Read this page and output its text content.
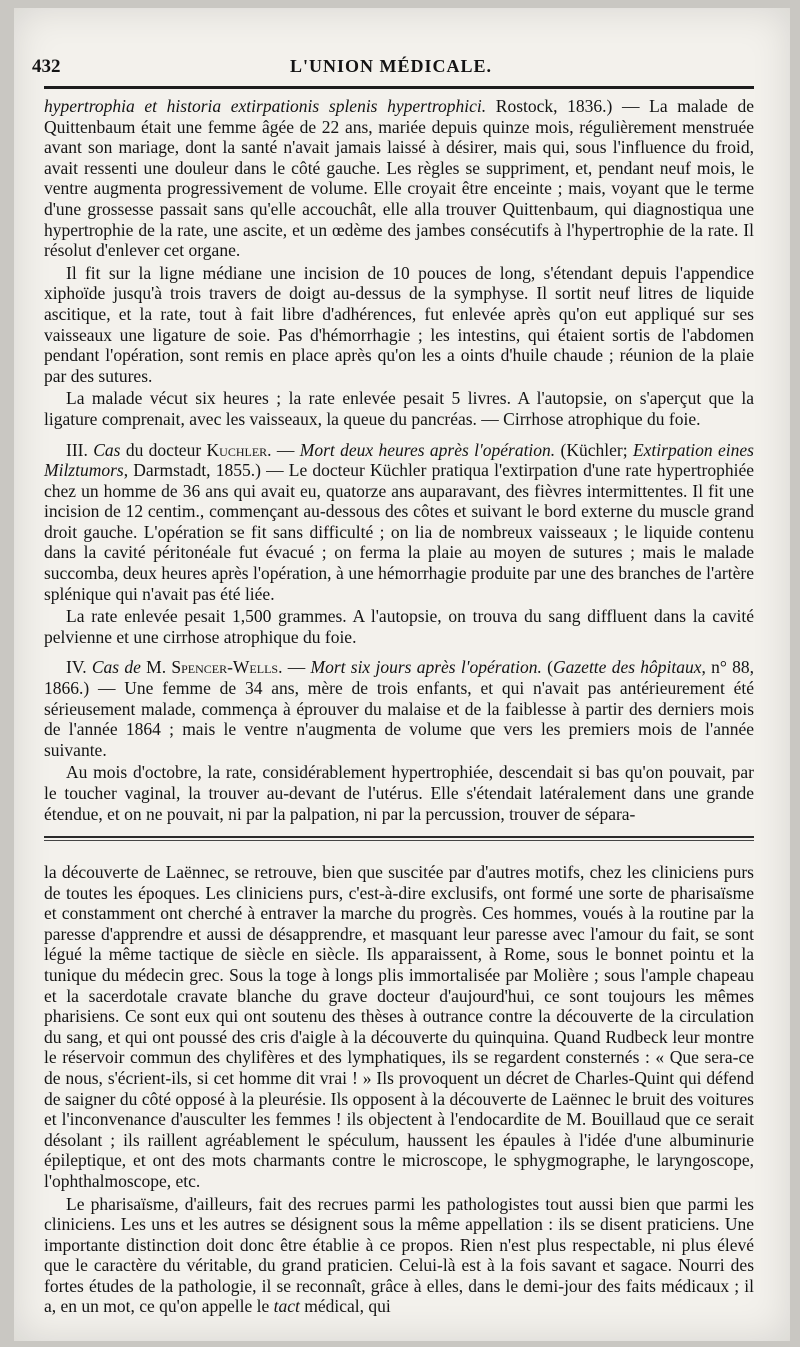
432	L'UNION MÉDICALE.

hypertrophia et historia extirpationis splenis hypertrophici. Rostock, 1836.) — La malade de Quittenbaum était une femme âgée de 22 ans, mariée depuis quinze mois, régulièrement menstruée avant son mariage, dont la santé n'avait jamais laissé à désirer, mais qui, sous l'influence du froid, avait ressenti une douleur dans le côté gauche. Les règles se suppriment, et, pendant neuf mois, le ventre augmenta progressivement de volume. Elle croyait être enceinte ; mais, voyant que le terme d'une grossesse passait sans qu'elle accouchât, elle alla trouver Quittenbaum, qui diagnostiqua une hypertrophie de la rate, une ascite, et un œdème des jambes consécutifs à l'hypertrophie de la rate. Il résolut d'enlever cet organe.

Il fit sur la ligne médiane une incision de 10 pouces de long, s'étendant depuis l'appendice xiphoïde jusqu'à trois travers de doigt au-dessus de la symphyse. Il sortit neuf litres de liquide ascitique, et la rate, tout à fait libre d'adhérences, fut enlevée après qu'on eut appliqué sur ses vaisseaux une ligature de soie. Pas d'hémorrhagie ; les intestins, qui étaient sortis de l'abdomen pendant l'opération, sont remis en place après qu'on les a oints d'huile chaude ; réunion de la plaie par des sutures.

La malade vécut six heures ; la rate enlevée pesait 5 livres. A l'autopsie, on s'aperçut que la ligature comprenait, avec les vaisseaux, la queue du pancréas. — Cirrhose atrophique du foie.

III. Cas du docteur Kuchler. — Mort deux heures après l'opération. (Küchler; Extirpation eines Milztumors, Darmstadt, 1855.) — Le docteur Küchler pratiqua l'extirpation d'une rate hypertrophiée chez un homme de 36 ans qui avait eu, quatorze ans auparavant, des fièvres intermittentes. Il fit une incision de 12 centim., commençant au-dessous des côtes et suivant le bord externe du muscle grand droit gauche. L'opération se fit sans difficulté ; on lia de nombreux vaisseaux ; le liquide contenu dans la cavité péritonéale fut évacué ; on ferma la plaie au moyen de sutures ; mais le malade succomba, deux heures après l'opération, à une hémorrhagie produite par une des branches de l'artère splénique qui n'avait pas été liée.

La rate enlevée pesait 1,500 grammes. A l'autopsie, on trouva du sang diffluent dans la cavité pelvienne et une cirrhose atrophique du foie.

IV. Cas de M. Spencer-Wells. — Mort six jours après l'opération. (Gazette des hôpitaux, n° 88, 1866.) — Une femme de 34 ans, mère de trois enfants, et qui n'avait pas antérieurement été sérieusement malade, commença à éprouver du malaise et de la faiblesse à partir des derniers mois de l'année 1864 ; mais le ventre n'augmenta de volume que vers les premiers mois de l'année suivante.

Au mois d'octobre, la rate, considérablement hypertrophiée, descendait si bas qu'on pouvait, par le toucher vaginal, la trouver au-devant de l'utérus. Elle s'étendait latéralement dans une grande étendue, et on ne pouvait, ni par la palpation, ni par la percussion, trouver de sépara-

la découverte de Laënnec, se retrouve, bien que suscitée par d'autres motifs, chez les cliniciens purs de toutes les époques. Les cliniciens purs, c'est-à-dire exclusifs, ont formé une sorte de pharisaïsme et constamment ont cherché à entraver la marche du progrès. Ces hommes, voués à la routine par la paresse d'apprendre et aussi de désapprendre, et masquant leur paresse avec l'amour du fait, se sont légué la même tactique de siècle en siècle. Ils apparaissent, à Rome, sous le bonnet pointu et la tunique du médecin grec. Sous la toge à longs plis immortalisée par Molière ; sous l'ample chapeau et la sacerdotale cravate blanche du grave docteur d'aujourd'hui, ce sont toujours les mêmes pharisiens. Ce sont eux qui ont soutenu des thèses à outrance contre la découverte de la circulation du sang, et qui ont poussé des cris d'aigle à la découverte du quinquina. Quand Rudbeck leur montre le réservoir commun des chylifères et des lymphatiques, ils se regardent consternés : « Que sera-ce de nous, s'écrient-ils, si cet homme dit vrai ! » Ils provoquent un décret de Charles-Quint qui défend de saigner du côté opposé à la pleurésie. Ils opposent à la découverte de Laënnec le bruit des voitures et l'inconvenance d'ausculter les femmes ! ils objectent à l'endocardite de M. Bouillaud que ce serait désolant ; ils raillent agréablement le spéculum, haussent les épaules à l'idée d'une albuminurie épileptique, et ont des mots charmants contre le microscope, le sphygmographe, le laryngoscope, l'ophthalmoscope, etc.

Le pharisaïsme, d'ailleurs, fait des recrues parmi les pathologistes tout aussi bien que parmi les cliniciens. Les uns et les autres se désignent sous la même appellation : ils se disent praticiens. Une importante distinction doit donc être établie à ce propos. Rien n'est plus respectable, ni plus élevé que le caractère du véritable, du grand praticien. Celui-là est à la fois savant et sagace. Nourri des fortes études de la pathologie, il se reconnaît, grâce à elles, dans le demi-jour des faits médicaux ; il a, en un mot, ce qu'on appelle le tact médical, qui
